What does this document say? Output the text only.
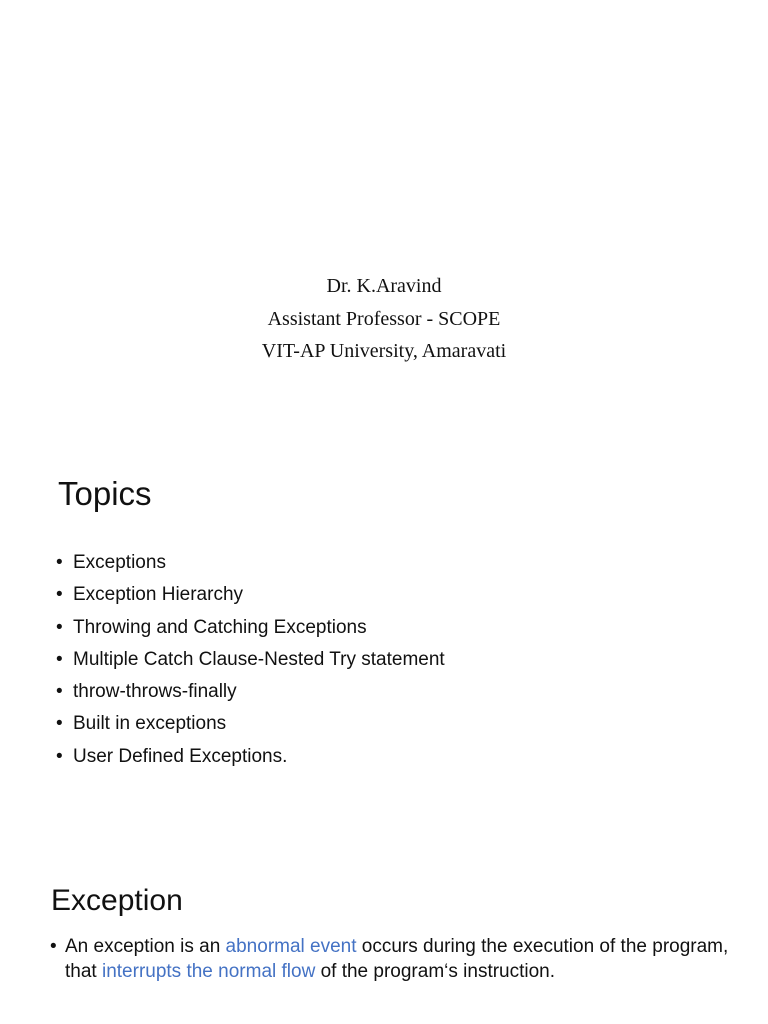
Dr. K.Aravind
Assistant Professor - SCOPE
VIT-AP University, Amaravati
Topics
• Exceptions
• Exception Hierarchy
• Throwing and Catching Exceptions
• Multiple Catch Clause-Nested Try statement
• throw-throws-finally
• Built in exceptions
• User Defined Exceptions.
Exception

• An exception is an abnormal event occurs during the execution of the program, that interrupts the normal flow of the program‘s instruction.
